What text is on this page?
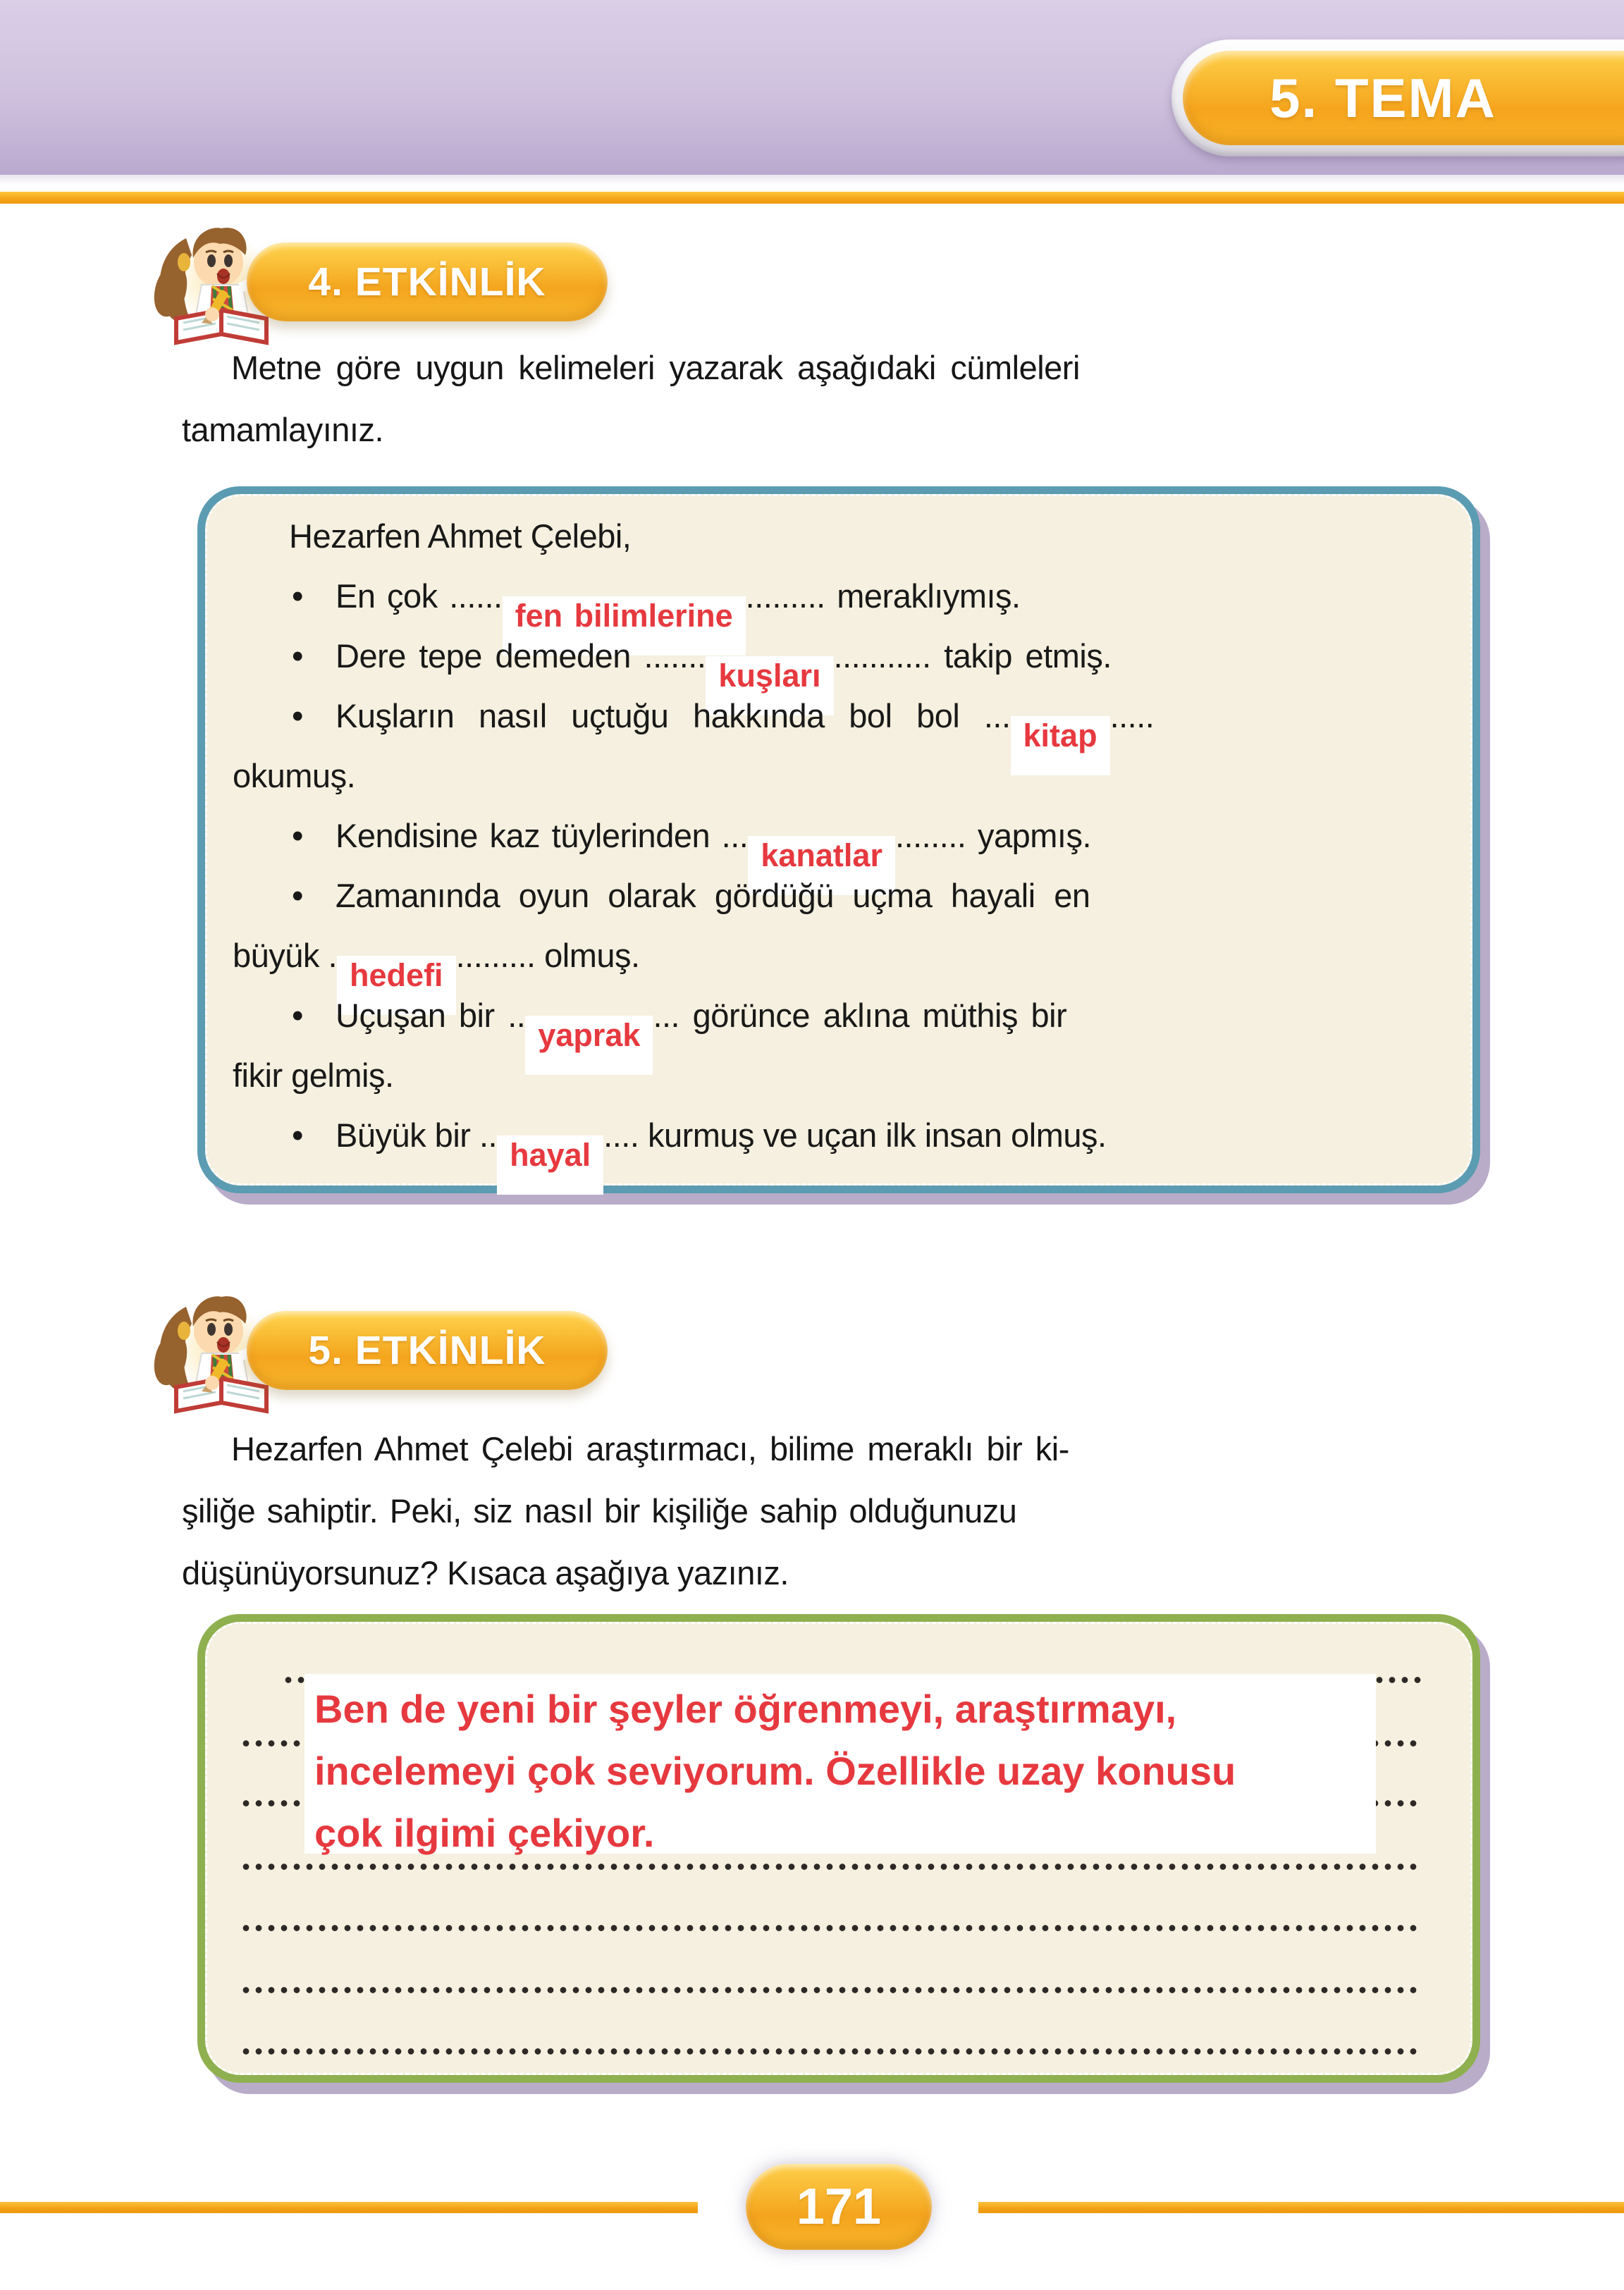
5. TEMA
4. ETKİNLİK
Metne göre uygun kelimeleri yazarak aşağıdaki cümleleri
tamamlayınız.
Hezarfen Ahmet Çelebi,
• En çok ......fen bilimlerine......... meraklıymış.
• Dere tepe demeden .......kuşları........... takip etmiş.
• Kuşların nasıl uçtuğu hakkında bol bol ...kitap.....
okumuş.
• Kendisine kaz tüylerinden ...kanatlar........ yapmış.
• Zamanında oyun olarak gördüğü uçma hayali en
büyük .hedefi......... olmuş.
• Uçuşan bir ..yaprak... görünce aklına müthiş bir
fikir gelmiş.
• Büyük bir ..hayal.... kurmuş ve uçan ilk insan olmuş.
5. ETKİNLİK
Hezarfen Ahmet Çelebi araştırmacı, bilime meraklı bir ki-
şiliğe sahiptir. Peki, siz nasıl bir kişiliğe sahip olduğunuzu
düşünüyorsunuz? Kısaca aşağıya yazınız.
Ben de yeni bir şeyler öğrenmeyi, araştırmayı,
incelemeyi çok seviyorum. Özellikle uzay konusu
çok ilgimi çekiyor.
171
